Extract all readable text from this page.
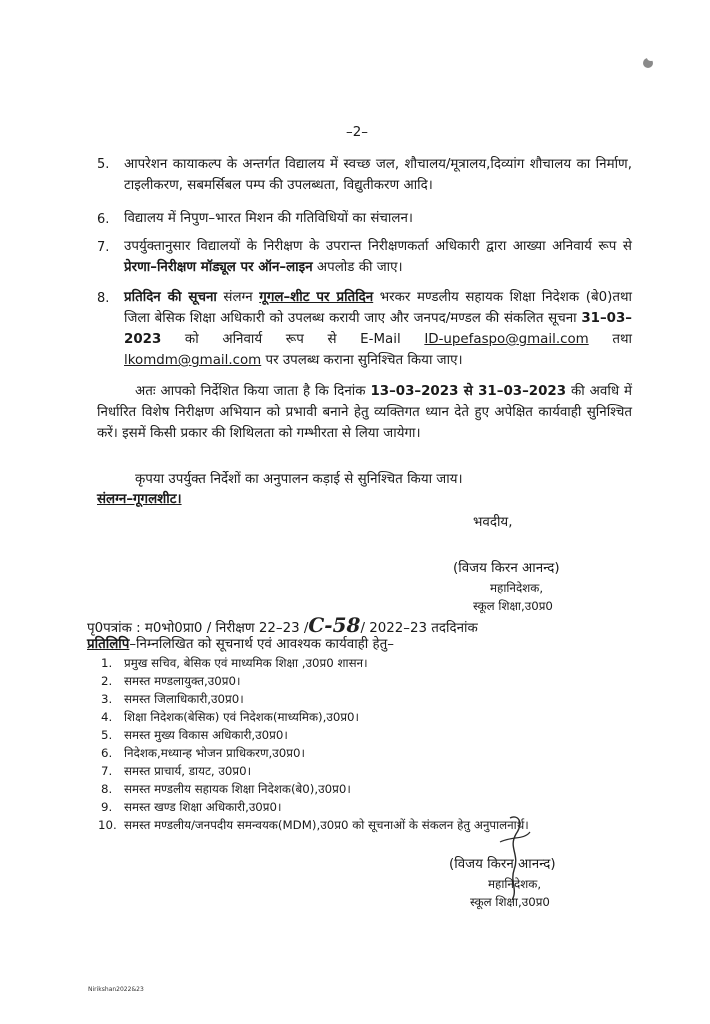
–2–
5. आपरेशन कायाकल्प के अन्तर्गत विद्यालय में स्वच्छ जल, शौचालय/मूत्रालय,दिव्यांग शौचालय का निर्माण, टाइलीकरण, सबमर्सिबल पम्प की उपलब्धता, विद्युतीकरण आदि।
6. विद्यालय में निपुण–भारत मिशन की गतिविधियों का संचालन।
7. उपर्युक्तानुसार विद्यालयों के निरीक्षण के उपरान्त निरीक्षणकर्ता अधिकारी द्वारा आख्या अनिवार्य रूप से प्रेरणा–निरीक्षण मॉड्यूल पर ऑन–लाइन अपलोड की जाए।
8. प्रतिदिन की सूचना संलग्न गूगल–शीट पर प्रतिदिन भरकर मण्डलीय सहायक शिक्षा निदेशक (बे0)तथा जिला बेसिक शिक्षा अधिकारी को उपलब्ध करायी जाए और जनपद/मण्डल की संकलित सूचना 31–03–2023 को अनिवार्य रूप से E-Mail ID-upefaspo@gmail.com तथा lkomdm@gmail.com पर उपलब्ध कराना सुनिश्चित किया जाए।
अतः आपको निर्देशित किया जाता है कि दिनांक 13–03–2023 से 31–03–2023 की अवधि में निर्धारित विशेष निरीक्षण अभियान को प्रभावी बनाने हेतु व्यक्तिगत ध्यान देते हुए अपेक्षित कार्यवाही सुनिश्चित करें। इसमें किसी प्रकार की शिथिलता को गम्भीरता से लिया जायेगा।
कृपया उपर्युक्त निर्देशों का अनुपालन कड़ाई से सुनिश्चित किया जाय।
संलग्न–गूगलशीट।
भवदीय,
(विजय किरन आनन्द)
महानिदेशक,
स्कूल शिक्षा,उ0प्र0
पृ0पत्रांक : म0भो0प्रा0 / निरीक्षण 22–23 /C-58/ 2022–23 तददिनांक
प्रतिलिपि–निम्नलिखित को सूचनार्थ एवं आवश्यक कार्यवाही हेतु–
1. प्रमुख सचिव, बेसिक एवं माध्यमिक शिक्षा ,उ0प्र0 शासन।
2. समस्त मण्डलायुक्त,उ0प्र0।
3. समस्त जिलाधिकारी,उ0प्र0।
4. शिक्षा निदेशक(बेसिक) एवं निदेशक(माध्यमिक),उ0प्र0।
5. समस्त मुख्य विकास अधिकारी,उ0प्र0।
6. निदेशक,मध्यान्ह भोजन प्राधिकरण,उ0प्र0।
7. समस्त प्राचार्य, डायट, उ0प्र0।
8. समस्त मण्डलीय सहायक शिक्षा निदेशक(बे0),उ0प्र0।
9. समस्त खण्ड शिक्षा अधिकारी,उ0प्र0।
10. समस्त मण्डलीय/जनपदीय समन्वयक(MDM),उ0प्र0 को सूचनाओं के संकलन हेतु अनुपालनार्थ।
(विजय किरन आनन्द)
महानिदेशक,
स्कूल शिक्षा,उ0प्र0
Nirikshan2022&23
